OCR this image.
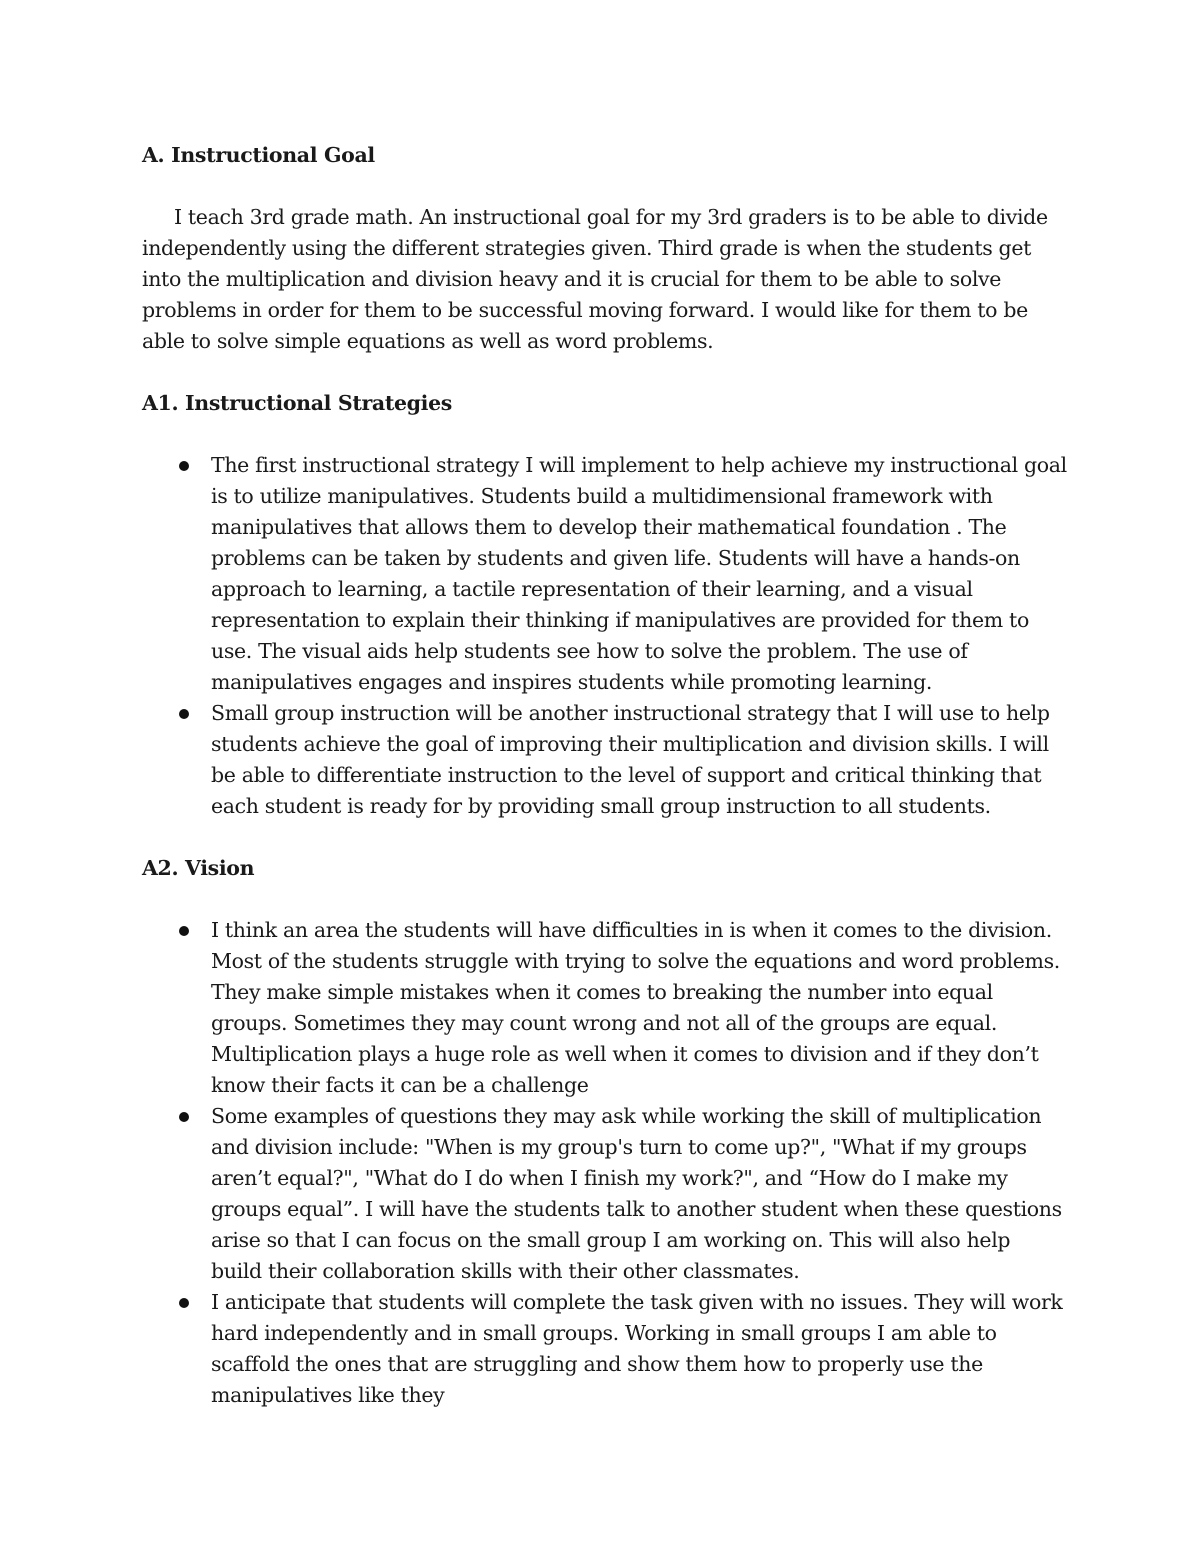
A. Instructional Goal

I teach 3rd grade math. An instructional goal for my 3rd graders is to be able to divide independently using the different strategies given. Third grade is when the students get into the multiplication and division heavy and it is crucial for them to be able to solve problems in order for them to be successful moving forward. I would like for them to be able to solve simple equations as well as word problems.

A1. Instructional Strategies
The first instructional strategy I will implement to help achieve my instructional goal is to utilize manipulatives. Students build a multidimensional framework with manipulatives that allows them to develop their mathematical foundation . The problems can be taken by students and given life. Students will have a hands-on approach to learning, a tactile representation of their learning, and a visual representation to explain their thinking if manipulatives are provided for them to use. The visual aids help students see how to solve the problem. The use of manipulatives engages and inspires students while promoting learning.
Small group instruction will be another instructional strategy that I will use to help students achieve the goal of improving their multiplication and division skills. I will be able to differentiate instruction to the level of support and critical thinking that each student is ready for by providing small group instruction to all students.
A2. Vision
I think an area the students will have difficulties in is when it comes to the division. Most of the students struggle with trying to solve the equations and word problems. They make simple mistakes when it comes to breaking the number into equal groups. Sometimes they may count wrong and not all of the groups are equal. Multiplication plays a huge role as well when it comes to division and if they don’t know their facts it can be a challenge
Some examples of questions they may ask while working the skill of multiplication and division include: "When is my group's turn to come up?", "What if my groups aren’t equal?", "What do I do when I finish my work?", and “How do I make my groups equal”. I will have the students talk to another student when these questions arise so that I can focus on the small group I am working on. This will also help build their collaboration skills with their other classmates.
I anticipate that students will complete the task given with no issues. They will work hard independently and in small groups. Working in small groups I am able to scaffold the ones that are struggling and show them how to properly use the manipulatives like they
